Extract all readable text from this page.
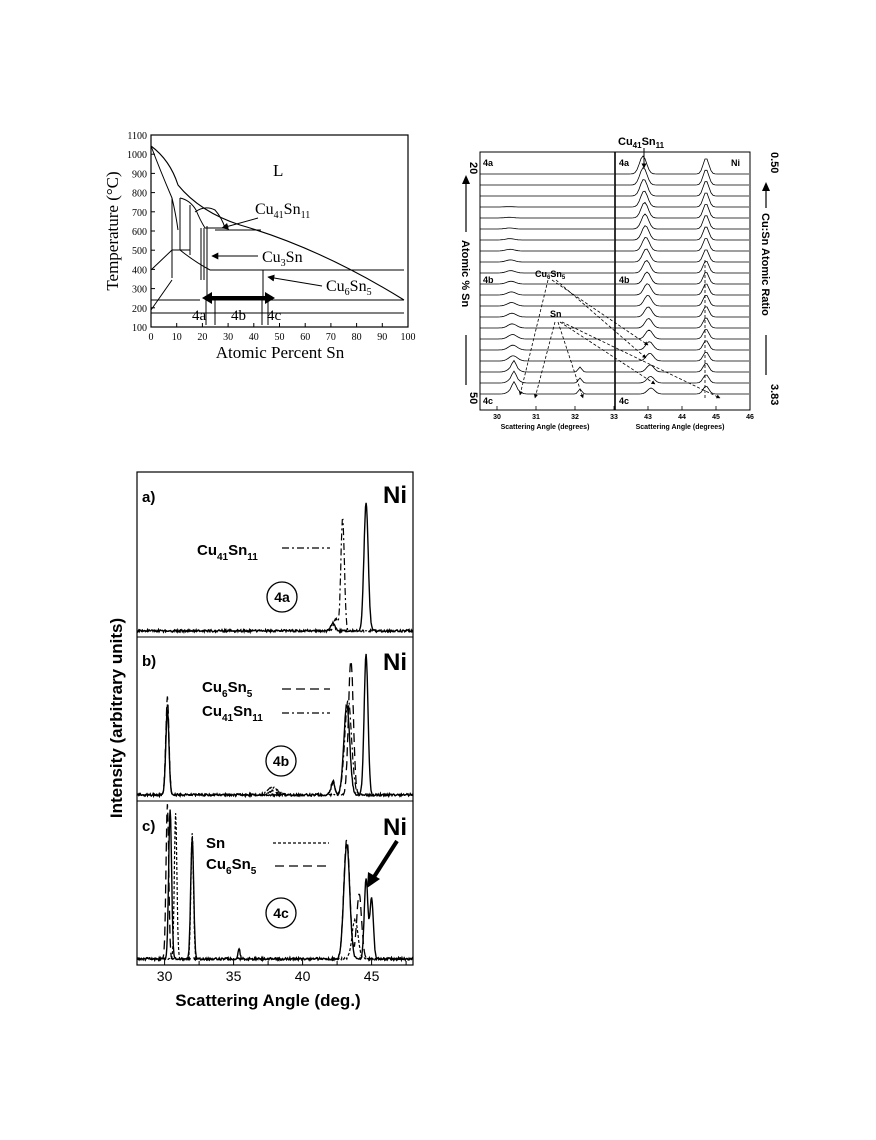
100
200
300
400
500
600
700
800
900
1000
1100
0 10 20 30 40 50 60 70 80 90 100
4a 4b 4c
L
$Cu_{41}Sn_{11}$
$Cu_3Sn$
$Cu_6Sn_5$
Temperature (°C)
Atomic Percent Sn
$Cu_{41}Sn_{11}$
4a	4a	Ni
4b	4b
4c	4c
$Cu_6Sn_5$
Sn
20
Atomic % Sn
50
0.50
Cu:Sn Atomic Ratio
3.83
30	31	32	33	43	44	45	46
Scattering Angle (degrees)	Scattering Angle (degrees)
a)	Ni
$Cu_{41}Sn_{11}$
4a
b)	Ni
$Cu_6Sn_5$
$Cu_{41}Sn_{11}$
4b
c)	Ni
Sn
$Cu_6Sn_5$
4c
30	35	40	45
Scattering Angle (deg.)
Intensity (arbitrary units)
